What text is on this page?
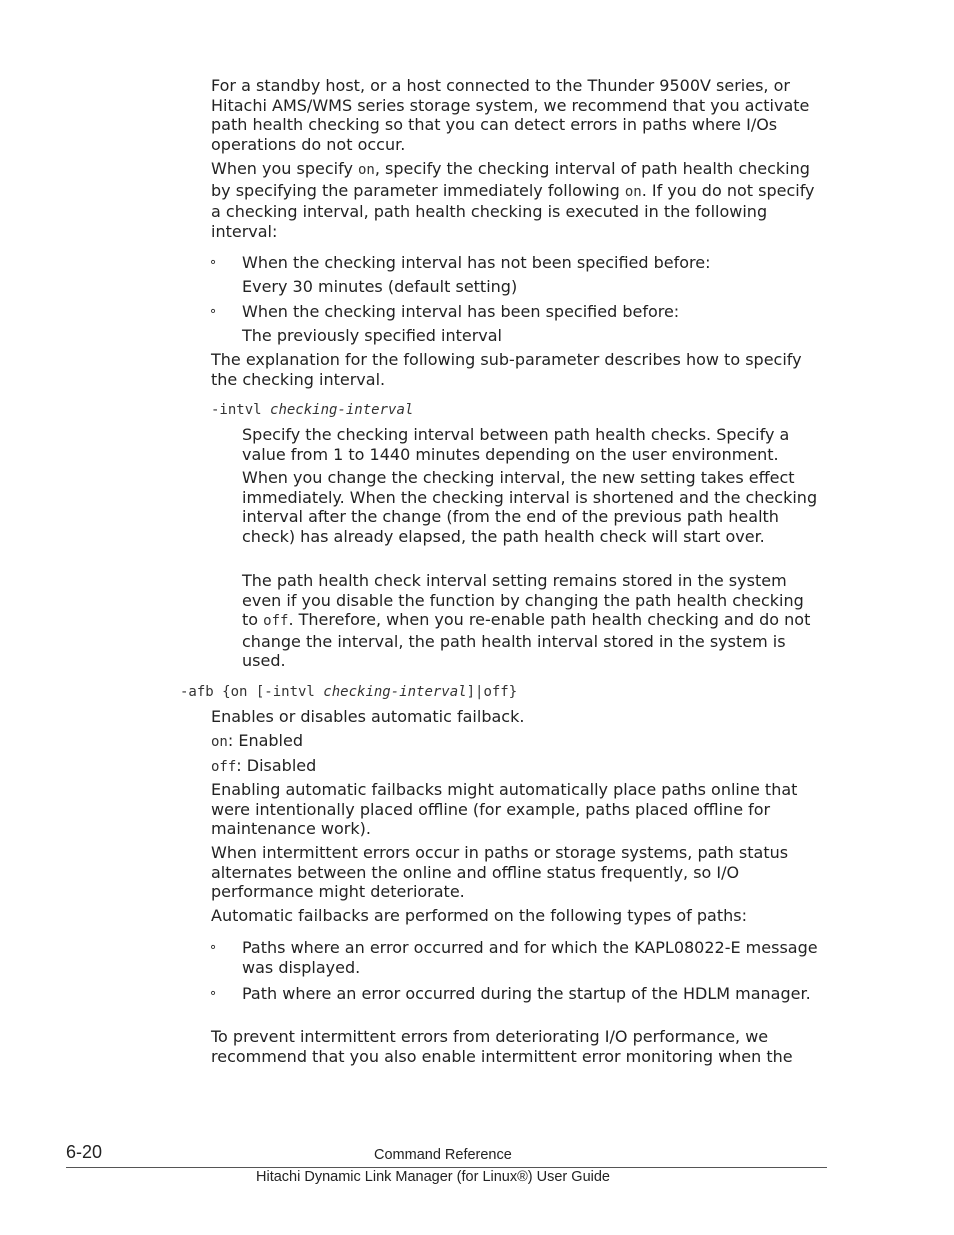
For a standby host, or a host connected to the Thunder 9500V series, or Hitachi AMS/WMS series storage system, we recommend that you activate path health checking so that you can detect errors in paths where I/Os operations do not occur.
When you specify on, specify the checking interval of path health checking by specifying the parameter immediately following on. If you do not specify a checking interval, path health checking is executed in the following interval:
∘ When the checking interval has not been specified before:
Every 30 minutes (default setting)
∘ When the checking interval has been specified before:
The previously specified interval
The explanation for the following sub-parameter describes how to specify the checking interval.
-intvl checking-interval
Specify the checking interval between path health checks. Specify a value from 1 to 1440 minutes depending on the user environment.
When you change the checking interval, the new setting takes effect immediately. When the checking interval is shortened and the checking interval after the change (from the end of the previous path health check) has already elapsed, the path health check will start over.
The path health check interval setting remains stored in the system even if you disable the function by changing the path health checking to off. Therefore, when you re-enable path health checking and do not change the interval, the path health interval stored in the system is used.
-afb {on [-intvl checking-interval]|off}
Enables or disables automatic failback.
on: Enabled
off: Disabled
Enabling automatic failbacks might automatically place paths online that were intentionally placed offline (for example, paths placed offline for maintenance work).
When intermittent errors occur in paths or storage systems, path status alternates between the online and offline status frequently, so I/O performance might deteriorate.
Automatic failbacks are performed on the following types of paths:
∘ Paths where an error occurred and for which the KAPL08022-E message was displayed.
∘ Path where an error occurred during the startup of the HDLM manager.
To prevent intermittent errors from deteriorating I/O performance, we recommend that you also enable intermittent error monitoring when the
6-20	Command Reference
Hitachi Dynamic Link Manager (for Linux®) User Guide
